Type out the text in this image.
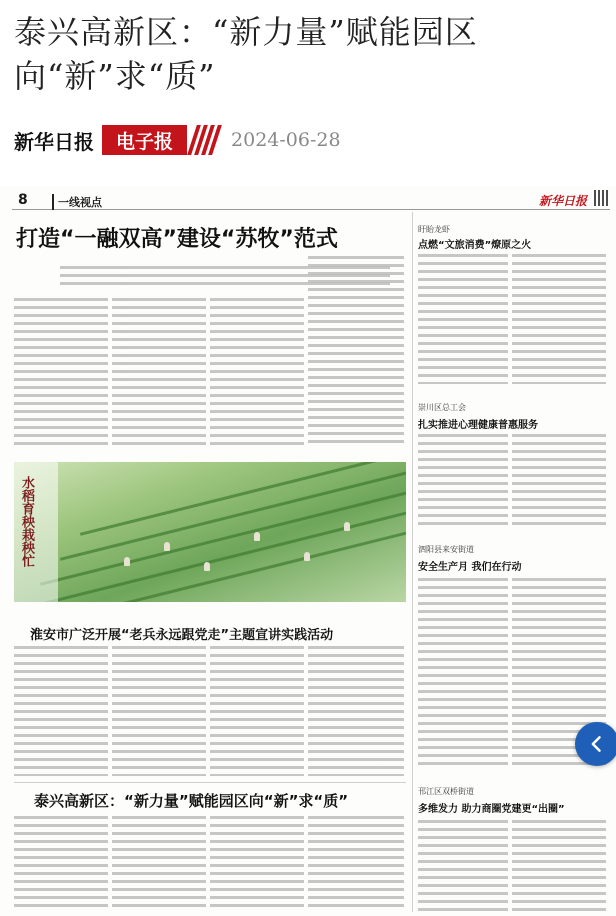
泰兴高新区：“新力量”赋能园区向“新”求“质”
新华日报	电子报	2024-06-28
8	一线视点	新华日报
打造“一融双高”建设“苏牧”范式
水稻育秧栽秧忙
淮安市广泛开展“老兵永远跟党走”主题宣讲实践活动
泰兴高新区：“新力量”赋能园区向“新”求“质”
盱眙龙虾
点燃“文旅消费”燎原之火
崇川区总工会
扎实推进心理健康普惠服务
泗阳县来安街道
安全生产月 我们在行动
邗江区双桥街道
多维发力 助力商圈党建更“出圈”
